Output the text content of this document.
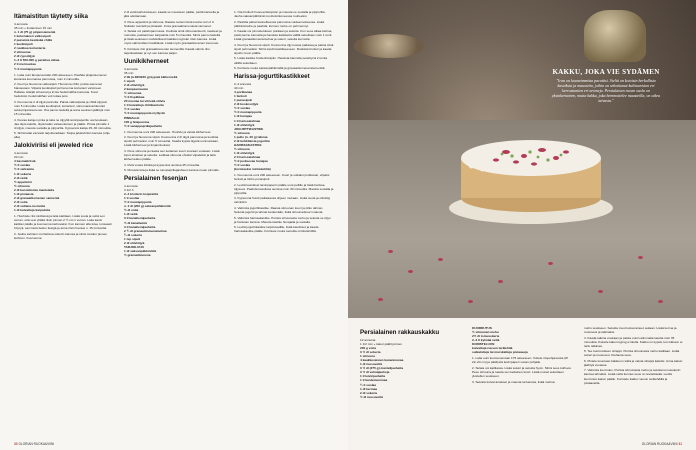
Itämaistitun täytetty siika
4 annosta
45 min + liottaminen 15 min
n. 1 dl (75 g) pinjansiemeniä
1 kokonainen valkosipuli
2 punaista kestävää chiliä
1 kevätsipuli
2 ruukkua korianteria
2 sitruunaa
2 dl rypsiöljyä
1–2 tl 500-600 g perattua siikaa
2 tl merisuolaa
½ tl mustapippuria
1. Laita uuni lämpenemään 200 asteeseen. Paahda pinjansiemenet kuivassa kuumassa pannussa, noin 2 minuuttia.
2. Kuori ja hienonna valkosipuli. Hienonna chilit, poista siemenet halutessasi. Viipaloi kevätsipuli ja hienonna korianteri varsineen. Hallaise sitärjät sitruunat ja irrota hedelmäliha kuoresta. Kuori hedelmät, hedelmälihan voit lottaa pois.
3. Kuumenna 2 dl öljyä pannulla. Paista valkosipulia ja chiliä öljyssä noin 5 minuuttia. Lisää kevätsipuli, korianteri, sitruunankuorikuutiot sekä pinjansiemenet. Ota pannu liedeltä ja anna seoksen jäähtyä noin 15 minuuttia.
4. Kuivaa kalojen pinta ja laita ne öljyyllä leivinpaperille uunivuokaan. Jaa täyte kalolle, täytä kalan vatsaonteloon ja päälle. Pirota pinnalle 1 dl öljyä, mausta suolalla ja pippurilla. Kypsennä kaloja 25–30 minuuttia.
5. Siirrä kalat vavvasti tarjoiluvadiaan. Tarjoa jalokiviriisin kanssa (ohje alla).
Jalokiviriisi eli jeweled rice
4 annosta
20 min
4 basmatiriisiä
½ tl suolaa
½ tl sahramia
1 dl sokeria
2 dl vettä
½ appelsiini
½ sitruuna
2 dl kuorattomia manteleita
1 dl pistaasia
2 dl granaattiomenan siemeniä
2 dl voita
2 dl sultana-rusinoita
1 dl kuivattuja karpaloita
1. Huuhtele riisi siivilässä ja laita kattilaan. Lisää suola ja vettä sen verran, että vesi ylittää riisin pinnan 2 ½ cm:n verran. Laita kansi kattilan päälle ja kuumenna kiehuvaksi. Kun kannen alla tulee runsaasti höyryä, sammuta lieden liesigä ja anna riisin hautua n. 15 minuuttia.
2. Jauha sahrami morttelissa sokerin kanssa ja siirrä muiden pienen kulhoon. Kuumenna
2 dl vettä kahvinukseen, kaada se mausteen päälle, peittä kannella ja jätä odottamaan.
3. Pese appelsiini ja sitruuna. Raasta molemmista kuoria noin 2 tl. Suikaloi mantelit ja pistaasit. Irrota granaattiomenasta siemenet.
4. Sulata voi paistinpannussa. Kuullota siinä sitruunankuorit, raasteet ja rusinoita, paistaminen karpaloita noin 5 minuuttia. Siirrä pannu liedeltä ja lisää seokseen mahdollisesti kaikkien kypsän riisin kanssa. Lisää myös sahramiliemi kattilaista. Lisää myös granaattiomenan siemenet.
5. Koristele riisi granaattiomenan siemenillä. Kaada valmis riisi tarjoiluastiaan ja nyt sen kanssa paljon.
Uunikikherneet
4 annosta
35 min
2 tlk (à 380/230 g) kypsiä kikherneitä
1 sipuli
2 dl oliiviöljyä
2 kanpasmauste
½ sitruunaa
½ tl fispiikkaa
20 mustaa tai vihreää oliivia
1 tl kuivattuja chilikuutioita
½ tl suolaa
½ tl mustapippuria myllystä
PINNALLE
100 g fetajuustoa
½ tl sanappaprikajauheita
1. Kuumenna uuni 200 asteeseen. Huuhdo ja valuta kikherneet.
2. Kuori ja hienonna sipuli. Kuumenna 2 dl öljyä pannussa ja kuullota sipulit pehmeiksi, noin 5 minuuttia. Kaada kypsä öljyelä uunivuokaan. Lisää kikherneet ja timjaminoksat.
3. Pese sitruuna ja raasta sen keltainen kuori suoraan vuokaan. Lisää loput ainekset ja sekoita. Leikkaa sitruuna ohuiksi viipaleiksi ja laita kikherneiden päälle.
4. Petä vuoka foliolla ja kypsennä uunissa 45 minuuttia.
5. Murusta feta ja lisää se savupaprikajauheen kanssa ruoan pinnalle.
Persialainen fesenjan
4 annosta
3 1/2 h
2–4 broilerin koipireittä
1 tl suolaa
½ tl mustapippuria
n. 2 dl (200 g) saksanpähkinöitä
½ dl voita
1 dl vettä
3 tl kanaliemijauhetta
½ dl kanaliemiä
3 tl kanaliemijauhetta
2 ¾ dl granaattiomenamehua
¾ dl sokeria
1 tsp sipuli
2 dl oliiviöljyä
TARJOILUUN
1 dl saksanpähkinöitä
½ granaattiomena
1. Ota broilerit huoneenlämpöön ja mausta ne suolalla ja pippurilla. Jauha saksanpähkinät monitoimikoneessa rouheeksi.
2. Paahda pahat kannellisessa pannussa voideensoksessa. Lisää pähkinärouhe ja paahda, kunnes rouhe on pehmennyt.
3. Kaada voi pinnoitetuksen pukkaan ja sekoita. Kun seos alkaa kiehua, peitä pannu kannella ja hauduta kastiketta välillä sekoittaen noin 1 tunti. Lisää granaattiomenamehua ja sokeri, sekoita kunnolla.
4. Kuori ja hienonna sipuli. Kuumenna öljy isossa padassa ja paista siinä sipuli pehmeäksi. Siirrä sipulit kastikkeeseen. Ruskista broileri ja kaada sipulin muun päälle.
5. Lisää kastike broilerinkoipiin. Hauduta kannella peitettynä 2 tuntia välillä sekoittaen.
6. Koristele ruoka saksanpähkinöillä ja granaattiomenansiemenillä.
Harissa-jogurttikastikkeet
2–4 annosta
40 min
4 porkkanaa
1 fenkoli
1 punasipuli
2 dl kookosöljyä
½ tl suolaa
½ tl mustapippuria
1 dl hunajaa
1 tl harissatahnaa
1 dl oliiviöljyä
JOGURTTIKASTIKE
½ sitruuna
1 pullo (n. 20 g) tahnaa
2 dl turkkilaista jogurttia
HARISSAKASTIKE
½ sitruuna
1 dl oliiviöljyä
2 tl harissatahnaa
½ tl juoksevaa hunajaa
½ tl suolaa
(koristeeksi minttulehtiä)
1. Kuumenna uuni 200 asteeseen. Kuori ja suikaloi porkkanat, viipaloi fenkoli ja lohko punasipuli.
2. Levitä kasvikset leivinpaperin päälle uuni-pellille ja lisää harissa-öljyseos. Paahda kasviksia uunissa noin 30 minuuttia. Mausta suolalla ja pippurilla.
3. Kypsennä froisit paikkaansa ohjeen mukaan. Lisää suola ja oliiviöljy valmiisiin.
4. Valmista jogurttikastike. Raasta sitruunan kuori ja pilko tahnan. Sekoita jogurtti ja tahnat keskenään, lisää sitruunankuori mausta.
5. Valmista harissakastike. Purista sitruunasta mehu ja sekoita se öljyn ja harissan kanssa. Mausta kastike hunajalla ja suolalla.
6. Levitä jogurttikastike tarjoiluvadille, lisää kasvikset ja kaada harissakastike päälle. Koristele ruoka tuoreilla minttulehdillä.
30 GLORIAN RUOKA&VIINI
KAKKU, JOKA VIE SYDÄMEN
"Iran on kauneimmista paratiisi. Sieltä on kotoisin herkullisia kasviksia ja mausteita, joihin on sekoittunut kulttuuriston eri kerrostumien eri aromeja. Persialaisen ruoan suola on yksinkertainen, mutta kakku, joka hemmottelee mausteilla, on oikea taivasta."
Persialainen rakkauskakku
12 annosta
1 1/2 min + kakun jäähtyminen
200 g voita
3 ½ dl sokeria
1 sitruuna
4 kaakkuvaisien kananmunaa
1 dl ruusuvettä
3 ½ dl (275 g) mantelijauhetta
3 ½ dl vehnäjauhoja
1 tl leivinjauhetta
1 tl kardemummaa
¼ tl suolaa
1 dl kermaa
2 dl sokeria
½ dl ruusuvettä
KUORRUTUS
½ sitruunan mehu
2½ dl tomusokeria
2–3 tl kylmää vettä
KORISTELUUN
kuivattuja ruusun terälehtiä
suikaloituja tai murskattuja pistaaseja
1. Laita uuni kuumenemaan 175 asteeseen. Voitele irtopohjavuoka (Ø 22–24 cm) ja päällystä leivinpaperi vuoan pohjalle.
2. Sulata voi kattilassa. Lisää sokeri ja sekoita hyvin. Siirrä seos kulhoon. Pese sitruuna ja raasta sen keltainen kuori. Lisää munat sekoittaen yksitellen seokseen.
3. Sekoita kuivat ainekset ja mausta tai kanssa, lisää mehua.
mehu seokseen. Sekoita muut kuivat aineet sekaan. Lisää kerma ja ruusuvesi ja taikinaksi.
4. Kaada taikina vuokaan ja paista uunin alimmalla tasolla noin 35 minuuttia. Kokeile kakun kypsyys tikulla. Kakku on kypsä, kun tikkuun ei tartu taikinaa.
5. Tee kuorrutuksen siirappi. Purista sitruunasta mehu kattilaan. Lisää sokeri ja ruusuvesi. Kiehauta seos.
6. Pistele kuumaan kakkuun reikiä ja valuta siirappi kakulle. Anna kakun jäähtyä vuoassa.
7. Valmista kuorrutus. Purista sitruunasta mehu ja sekoita tomusokerin kanssa tahnaksi. Lisää vettä kunnes seos on levitettävää. Levitä kuorrutus kakun päälle. Koristele kakku ruusun terälehdillä ja pistaaseilla.
GLORIAN RUOKA&VIINI 31
